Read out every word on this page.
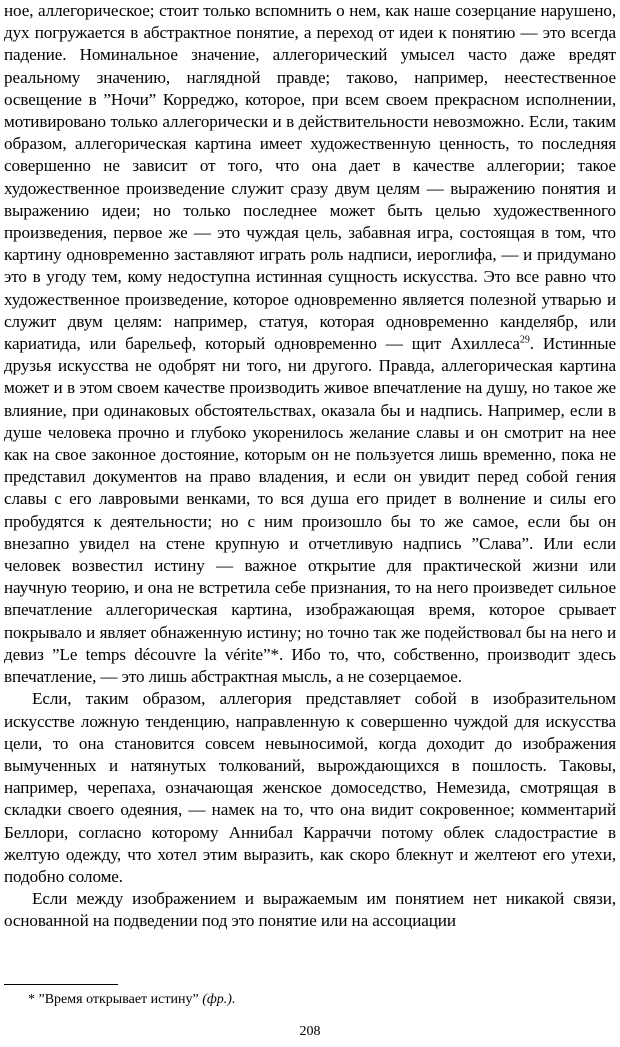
ное, аллегорическое; стоит только вспомнить о нем, как наше созерцание нарушено, дух погружается в абстрактное понятие, а переход от идеи к понятию — это всегда падение. Номинальное значение, аллегорический умысел часто даже вредят реальному значению, наглядной правде; таково, например, неестественное освещение в ”Ночи” Корреджо, которое, при всем своем прекрасном исполнении, мотивировано только аллегорически и в действительности невозможно. Если, таким образом, аллегорическая картина имеет художественную ценность, то последняя совершенно не зависит от того, что она дает в качестве аллегории; такое художественное произведение служит сразу двум целям — выражению понятия и выражению идеи; но только последнее может быть целью художественного произведения, первое же — это чуждая цель, забавная игра, состоящая в том, что картину одновременно заставляют играть роль надписи, иероглифа, — и придумано это в угоду тем, кому недоступна истинная сущность искусства. Это все равно что художественное произведение, которое одновременно является полезной утварью и служит двум целям: например, статуя, которая одновременно канделябр, или кариатида, или барельеф, который одновременно — щит Ахиллеса$^{29}$. Истинные друзья искусства не одобрят ни того, ни другого. Правда, аллегорическая картина может и в этом своем качестве производить живое впечатление на душу, но такое же влияние, при одинаковых обстоятельствах, оказала бы и надпись. Например, если в душе человека прочно и глубоко укоренилось желание славы и он смотрит на нее как на свое законное достояние, которым он не пользуется лишь временно, пока не представил документов на право владения, и если он увидит перед собой гения славы с его лавровыми венками, то вся душа его придет в волнение и силы его пробудятся к деятельности; но с ним произошло бы то же самое, если бы он внезапно увидел на стене крупную и отчетливую надпись ”Слава”. Или если человек возвестил истину — важное открытие для практической жизни или научную теорию, и она не встретила себе признания, то на него произведет сильное впечатление аллегорическая картина, изображающая время, которое срывает покрывало и являет обнаженную истину; но точно так же подействовал бы на него и девиз ”Le temps découvre la vérite”*. Ибо то, что, собственно, производит здесь впечатление, — это лишь абстрактная мысль, а не созерцаемое.

Если, таким образом, аллегория представляет собой в изобразительном искусстве ложную тенденцию, направленную к совершенно чуждой для искусства цели, то она становится совсем невыносимой, когда доходит до изображения вымученных и натянутых толкований, вырождающихся в пошлость. Таковы, например, черепаха, означающая женское домоседство, Немезида, смотрящая в складки своего одеяния, — намек на то, что она видит сокровенное; комментарий Беллори, согласно которому Аннибал Карраччи потому облек сладострастие в желтую одежду, что хотел этим выразить, как скоро блекнут и желтеют его утехи, подобно соломе.

Если между изображением и выражаемым им понятием нет никакой связи, основанной на подведении под это понятие или на ассоциации

* ”Время открывает истину” (фр.).
208
